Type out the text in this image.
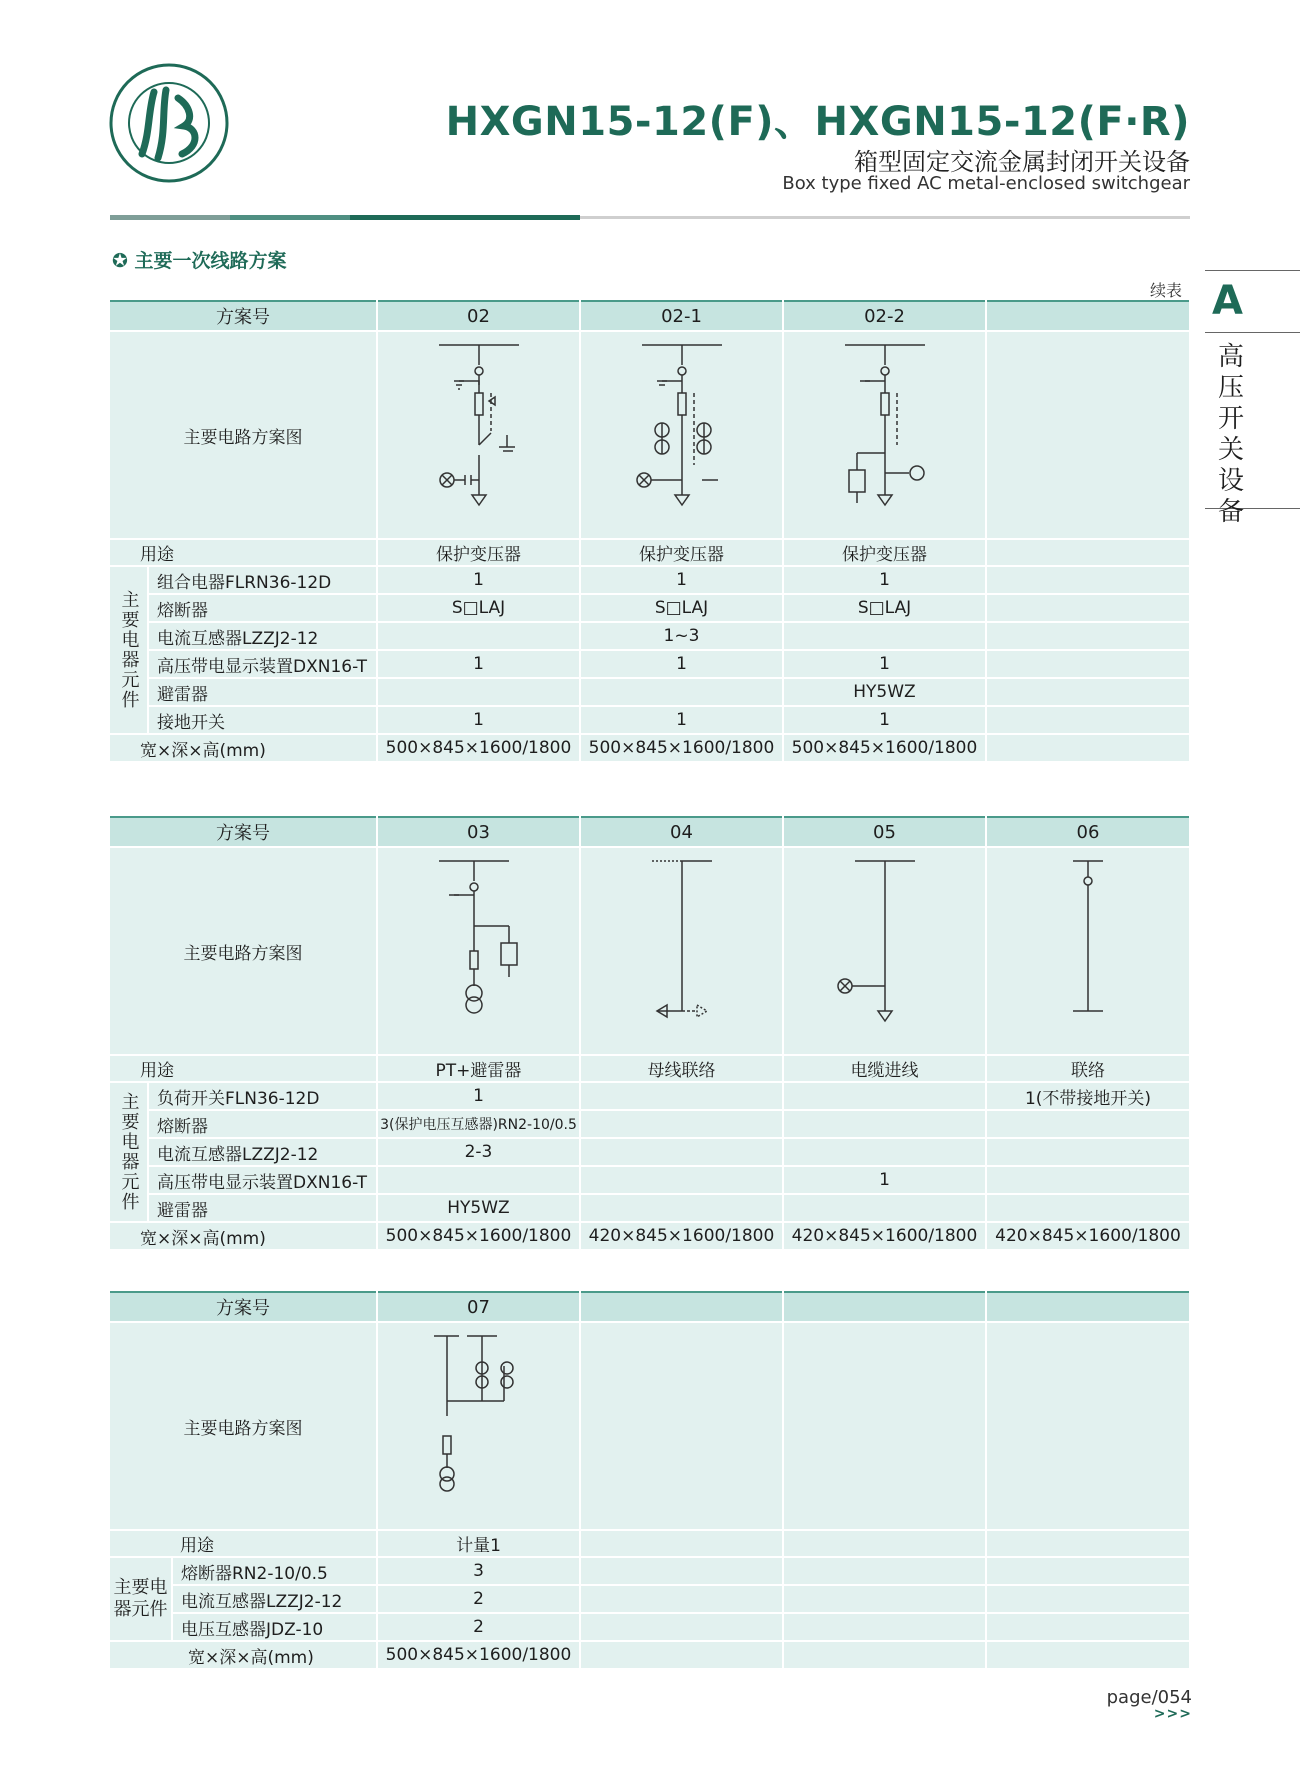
HXGN15-12(F)、HXGN15-12(F·R)
箱型固定交流金属封闭开关设备
Box type fixed AC metal-enclosed switchgear
✪ 主要一次线路方案
续表 A
高压开关设备
方案号		02	02-1	02-2	
主要电路方案图	

用途		保护变压器	保护变压器	保护变压器	
主要电器元件	组合电器FLRN36-12D	1	1	1	
	熔断器	S□LAJ	S□LAJ	S□LAJ	
	电流互感器LZZJ2-12		1~3		
	高压带电显示装置DXN16-T	1	1	1	
	避雷器			HY5WZ	
	接地开关	1	1	1	
宽×深×高(mm)		500×845×1600/1800	500×845×1600/1800	500×845×1600/1800	
方案号		03	04	05	06
主要电路方案图	

用途		PT+避雷器	母线联络	电缆进线	联络
主要电器元件	负荷开关FLN36-12D	1			1(不带接地开关)
	熔断器	3(保护电压互感器)RN2-10/0.5			
	电流互感器LZZJ2-12	2-3			
	高压带电显示装置DXN16-T			1	
	避雷器	HY5WZ			
宽×深×高(mm)		500×845×1600/1800	420×845×1600/1800	420×845×1600/1800	420×845×1600/1800
方案号		07			
主要电路方案图	

用途		计量1			
主要电器元件	熔断器RN2-10/0.5	3			
	电流互感器LZZJ2-12	2			
	电压互感器JDZ-10	2			
宽×深×高(mm)		500×845×1600/1800			
page/054
>>>
